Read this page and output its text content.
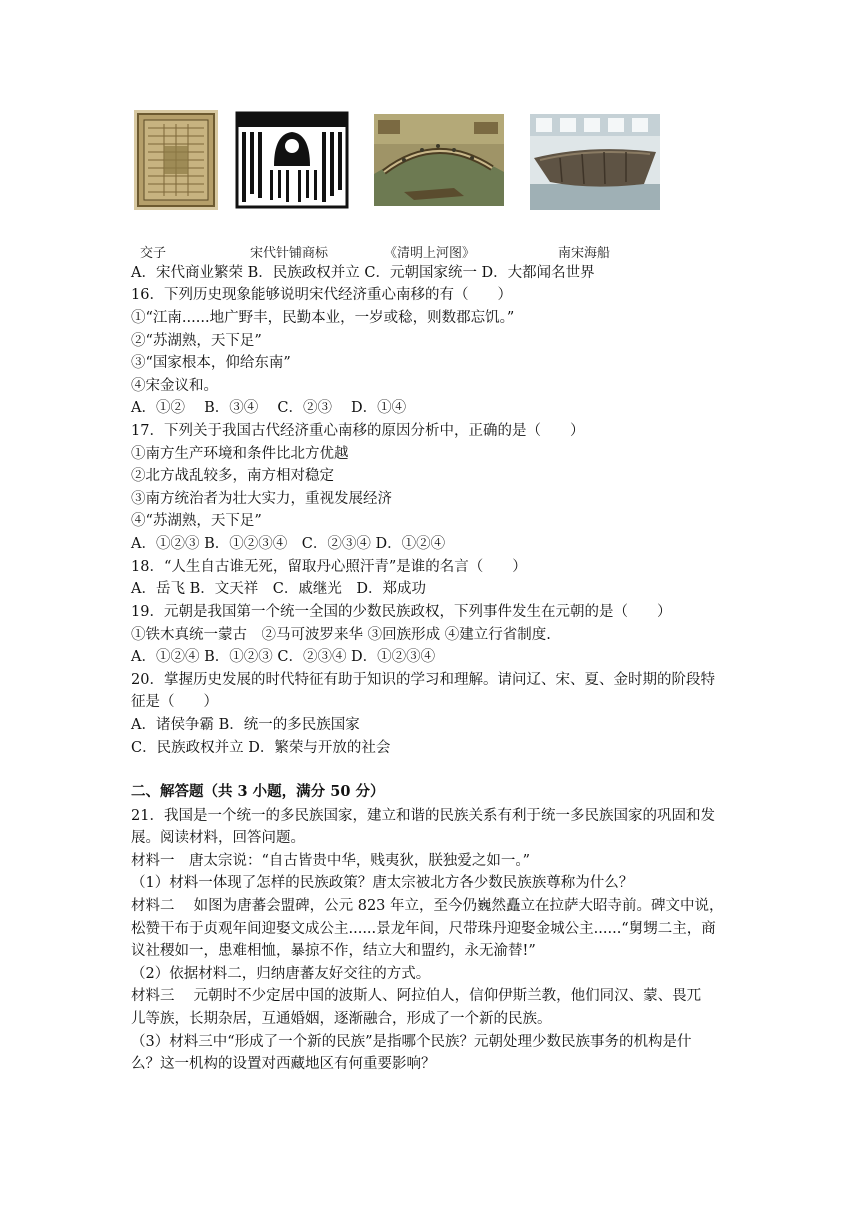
交子	宋代针铺商标	《清明上河图》	南宋海船
A．宋代商业繁荣 B．民族政权并立 C．元朝国家统一 D．大都闻名世界
16．下列历史现象能够说明宋代经济重心南移的有（　　）
①“江南......地广野丰，民勤本业，一岁或稔，则数郡忘饥。”
②“苏湖熟，天下足”
③“国家根本，仰给东南”
④宋金议和。
A．①②　 B．③④　 C．②③　 D．①④
17．下列关于我国古代经济重心南移的原因分析中，正确的是（　　）
①南方生产环境和条件比北方优越
②北方战乱较多，南方相对稳定
③南方统治者为壮大实力，重视发展经济
④“苏湖熟，天下足”
A．①②③ B．①②③④　C．②③④ D．①②④
18．“人生自古谁无死，留取丹心照汗青”是谁的名言（　　）
A．岳飞 B．文天祥　C．戚继光　D．郑成功
19．元朝是我国第一个统一全国的少数民族政权，下列事件发生在元朝的是（　　）
①铁木真统一蒙古　②马可波罗来华 ③回族形成 ④建立行省制度.
A．①②④ B．①②③ C．②③④ D．①②③④
20．掌握历史发展的时代特征有助于知识的学习和理解。请问辽、宋、夏、金时期的阶段特
征是（　　）
A．诸侯争霸 B．统一的多民族国家
C．民族政权并立 D．繁荣与开放的社会
二、解答题（共 3 小题，满分 50 分）
21．我国是一个统一的多民族国家，建立和谐的民族关系有利于统一多民族国家的巩固和发
展。阅读材料，回答问题。
材料一　唐太宗说：“自古皆贵中华，贱夷狄，朕独爱之如一。”
（1）材料一体现了怎样的民族政策？唐太宗被北方各少数民族族尊称为什么？
材料二　 如图为唐蕃会盟碑，公元 823 年立，至今仍巍然矗立在拉萨大昭寺前。碑文中说，
松赞干布于贞观年间迎娶文成公主......景龙年间，尺带珠丹迎娶金城公主......“舅甥二主，商
议社稷如一，患难相恤，暴掠不作，结立大和盟约，永无渝替!”
（2）依据材料二，归纳唐蕃友好交往的方式。
材料三　 元朝时不少定居中国的波斯人、阿拉伯人，信仰伊斯兰教，他们同汉、蒙、畏兀
儿等族，长期杂居，互通婚姻，逐渐融合，形成了一个新的民族。
（3）材料三中“形成了一个新的民族”是指哪个民族？元朝处理少数民族事务的机构是什
么？这一机构的设置对西藏地区有何重要影响？
